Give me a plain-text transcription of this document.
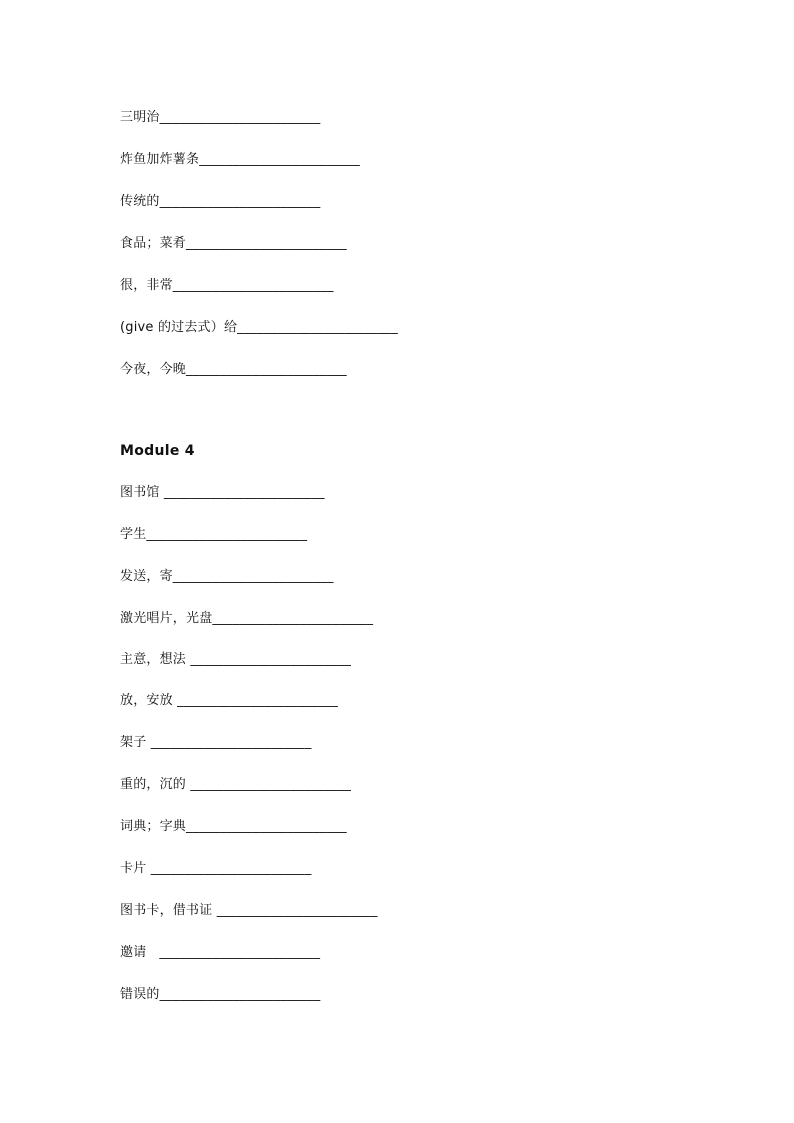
三明治________________________
炸鱼加炸薯条________________________
传统的________________________
食品；菜肴________________________
很，非常________________________
(give 的过去式）给________________________
今夜，今晚________________________
Module 4
图书馆 ________________________
学生________________________
发送，寄________________________
激光唱片，光盘________________________
主意，想法 ________________________
放，安放 ________________________
架子 ________________________
重的，沉的 ________________________
词典；字典________________________
卡片 ________________________
图书卡，借书证 ________________________
邀请   ________________________
错误的________________________
